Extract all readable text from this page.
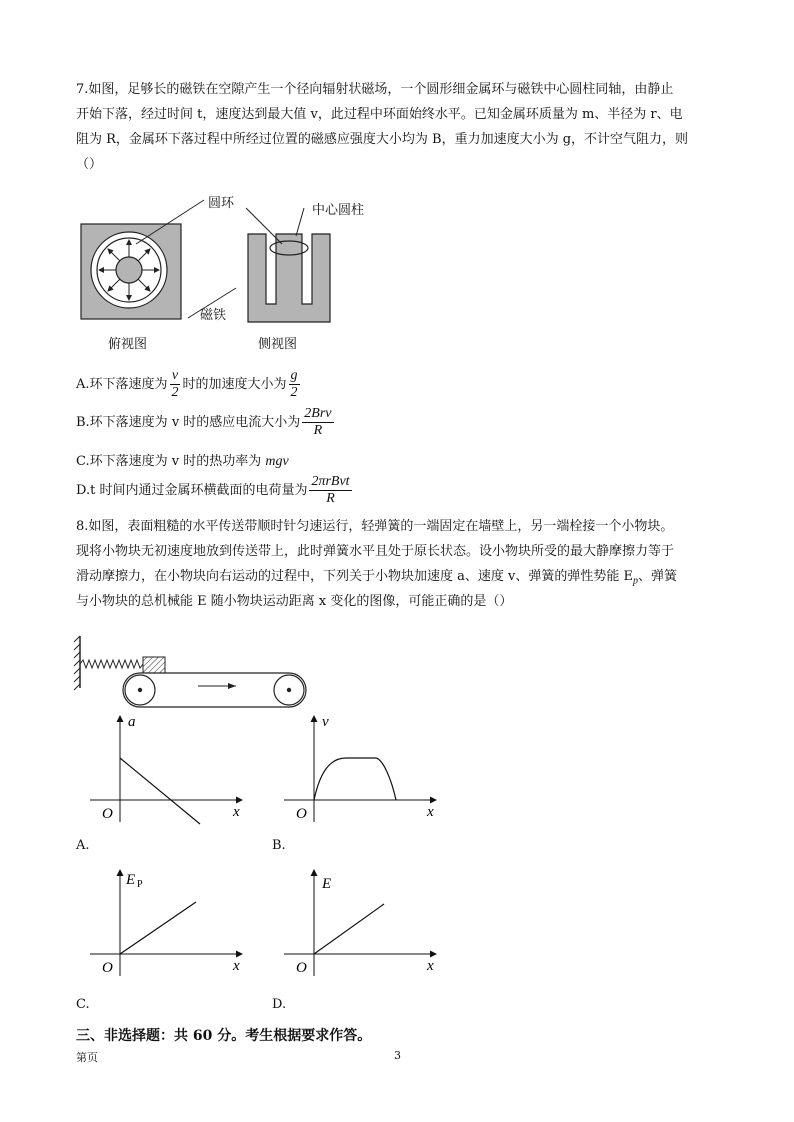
7.如图，足够长的磁铁在空隙产生一个径向辐射状磁场，一个圆形细金属环与磁铁中心圆柱同轴，由静止
开始下落，经过时间 t，速度达到最大值 v，此过程中环面始终水平。已知金属环质量为 m、半径为 r、电
阻为 R，金属环下落过程中所经过位置的磁感应强度大小均为 B，重力加速度大小为 g，不计空气阻力，则
（）
圆环	中心圆柱
磁铁
俯视图	侧视图
A.环下落速度为 $\frac{v}{2}$ 时的加速度大小为 $\frac{g}{2}$
B.环下落速度为 v 时的感应电流大小为 $\frac{\text{2Brv}}{R}$
C.环下落速度为 v 时的热功率为 mgv
D.t 时间内通过金属环横截面的电荷量为 $\frac{\text{2πrBvt}}{R}$
8.如图，表面粗糙的水平传送带顺时针匀速运行，轻弹簧的一端固定在墙壁上，另一端栓接一个小物块。
现将小物块无初速度地放到传送带上，此时弹簧水平且处于原长状态。设小物块所受的最大静摩擦力等于
滑动摩擦力，在小物块向右运动的过程中，下列关于小物块加速度 a、速度 v、弹簧的弹性势能 $E_p$、弹簧
与小物块的总机械能 E 随小物块运动距离 x 变化的图像，可能正确的是（）
a
x
O
A.
v
x
O
B.
E P
x
O
C.
E
x
O
D.
三、非选择题：共 60 分。考生根据要求作答。
第页	3
